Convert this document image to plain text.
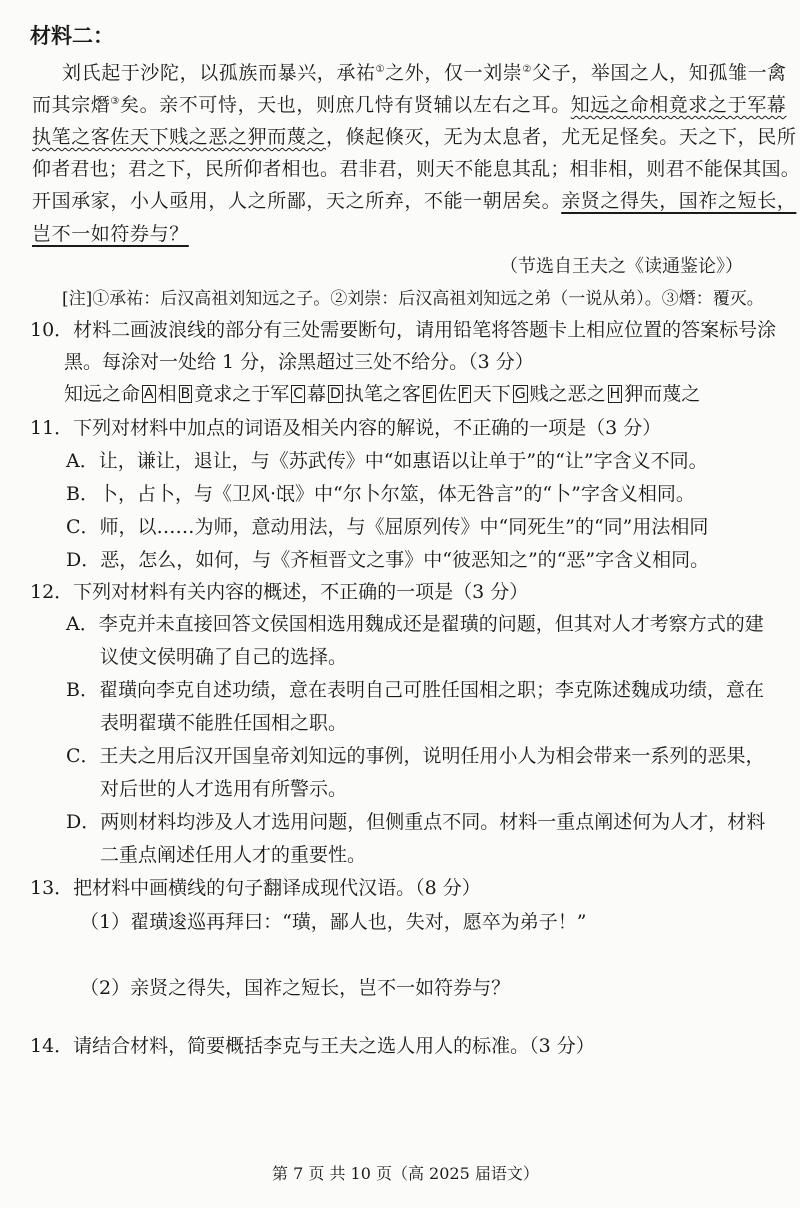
材料二：
刘氏起于沙陀，以孤族而暴兴，承祐①之外，仅一刘崇②父子，举国之人，知孤雏一禽
而其宗熸③矣。亲不可恃，天也，则庶几恃有贤辅以左右之耳。知远之命相竟求之于军幕
执笔之客佐天下贱之恶之狎而蔑之，倏起倏灭，无为太息者，尤无足怪矣。天之下，民所
仰者君也；君之下，民所仰者相也。君非君，则天不能息其乱；相非相，则君不能保其国。
开国承家，小人亟用，人之所鄙，天之所弃，不能一朝居矣。亲贤之得失，国祚之短长，
岂不一如符券与？
（节选自王夫之《读通鉴论》）
[注]①承祐：后汉高祖刘知远之子。②刘崇：后汉高祖刘知远之弟（一说从弟）。③熸：覆灭。
10．材料二画波浪线的部分有三处需要断句，请用铅笔将答题卡上相应位置的答案标号涂
黑。每涂对一处给 1 分，涂黑超过三处不给分。（3 分）
知远之命 A 相 B 竟求之于军 C 幕 D 执笔之客 E 佐 F 天下 G 贱之恶之 H 狎而蔑之
11．下列对材料中加点的词语及相关内容的解说，不正确的一项是（3 分）
A．让，谦让，退让，与《苏武传》中“如惠语以让单于”的“让”字含义不同。
B．卜，占卜，与《卫风·氓》中“尔卜尔筮，体无咎言”的“卜”字含义相同。
C．师，以……为师，意动用法，与《屈原列传》中“同死生”的“同”用法相同
D．恶，怎么，如何，与《齐桓晋文之事》中“彼恶知之”的“恶”字含义相同。
12．下列对材料有关内容的概述，不正确的一项是（3 分）
A．李克并未直接回答文侯国相选用魏成还是翟璜的问题，但其对人才考察方式的建
议使文侯明确了自己的选择。
B．翟璜向李克自述功绩，意在表明自己可胜任国相之职；李克陈述魏成功绩，意在
表明翟璜不能胜任国相之职。
C．王夫之用后汉开国皇帝刘知远的事例，说明任用小人为相会带来一系列的恶果，
对后世的人才选用有所警示。
D．两则材料均涉及人才选用问题，但侧重点不同。材料一重点阐述何为人才，材料
二重点阐述任用人才的重要性。
13．把材料中画横线的句子翻译成现代汉语。（8 分）
（1）翟璜逡巡再拜曰：“璜，鄙人也，失对，愿卒为弟子！”
（2）亲贤之得失，国祚之短长，岂不一如符券与？
14．请结合材料，简要概括李克与王夫之选人用人的标准。（3 分）
第 7 页 共 10 页（高 2025 届语文）
